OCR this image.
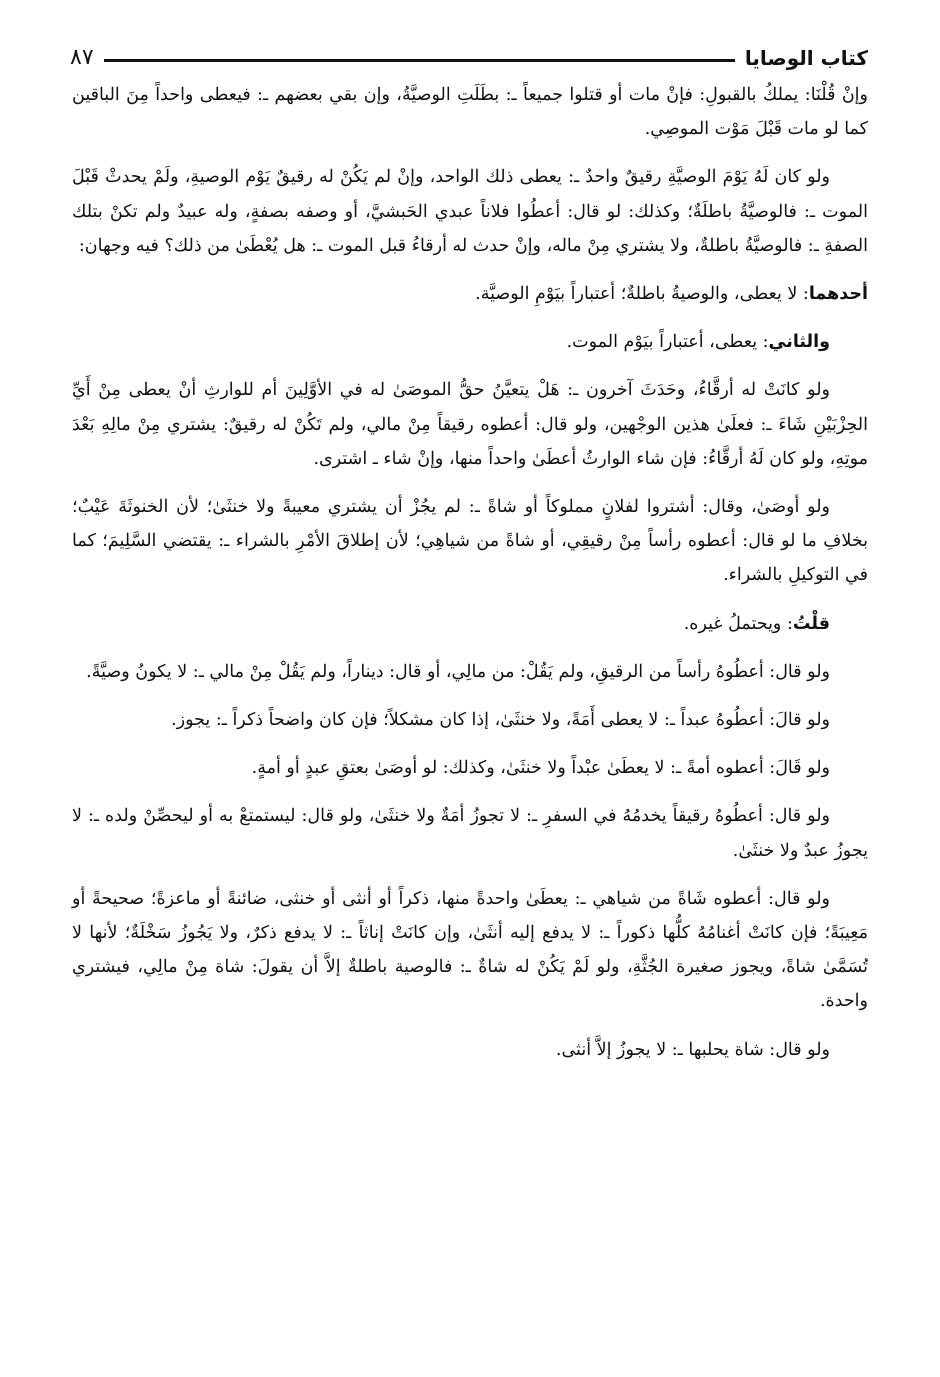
كتاب الوصايا
٨٧

وإنْ قُلْنَا: يملكُ بالقبولِ: فإنْ مات أو قتلوا جميعاً ـ: بطَلَتِ الوصيَّةُ، وإن بقي بعضهم ـ: فيعطى واحداً مِنَ الباقين كما لو مات قَبْلَ مَوْت الموصِي.

ولو كان لَهُ يَوْمَ الوصيَّةِ رقيقٌ واحدٌ ـ: يعطى ذلك الواحد، وإنْ لم يَكُنْ له رقيقٌ يَوْم الوصيةِ، ولَمْ يحدثْ قَبْلَ الموت ـ: فالوصيَّةُ باطلَةٌ؛ وكذلك: لو قال: أعطُوا فلاناً عبدي الحَبشيَّ، أو وصفه بصفةٍ، وله عبيدٌ ولم تكنْ بتلك الصفةِ ـ: فالوصيَّةُ باطلةٌ، ولا يشتري مِنْ ماله، وإنْ حدث له أرقاءُ قبل الموت ـ: هل يُعْطَىٰ من ذلك؟ فيه وجهان:

أحدهما: لا يعطى، والوصيةُ باطلةٌ؛ أعتباراً بيَوْمِ الوصيَّة.

والثاني: يعطى، أعتباراً بيَوْم الموت.

ولو كانَتْ له أرقَّاءُ، وحَدَثَ آخرون ـ: هَلْ يتعيَّنُ حقُّ الموصَىٰ له في الأوَّلِينَ أم للوارثِ أنْ يعطى مِنْ أَيِّ الحِزْبَيْنِ شَاءَ ـ: فعلَىٰ هذين الوجْهين، ولو قال: أعطوه رقيقاً مِنْ مالي، ولم تَكُنْ له رقيقٌ: يشتري مِنْ مالِهِ بَعْدَ موتِهِ، ولو كان لَهُ أرقَّاءُ: فإن شاء الوارثُ أعطَىٰ واحداً منها، وإنْ شاء ـ اشترى.

ولو أوصَىٰ، وقال: أشتروا لفلانٍ مملوكاً أو شاةً ـ: لم يجُزْ أن يشتري معيبةً ولا خنثَىٰ؛ لأن الخنوثَةَ عَيْبٌ؛ بخلافِ ما لو قال: أعطوه رأساً مِنْ رقيقِي، أو شاةً من شياهِي؛ لأن إطلاقَ الأمْرِ بالشراء ـ: يقتضي السَّلِيمَ؛ كما في التوكيلِ بالشراء.

قلْتُ: ويحتملُ غيره.

ولو قال: أعطُوهُ رأساً من الرقيقِ، ولم يَقُلْ: من مالِي، أو قال: ديناراً، ولم يَقُلْ مِنْ مالي ـ: لا يكونُ وصيَّةً.

ولو قالَ: أعطُوهُ عبداً ـ: لا يعطى أَمَةً، ولا خنثَىٰ، إذا كان مشكلاً؛ فإن كان واضحاً ذكراً ـ: يجوز.

ولو قَالَ: أعطوه أمةً ـ: لا يعطَىٰ عبْداً ولا خنثَىٰ، وكذلك: لو أوصَىٰ بعتقِ عبدٍ أو أمةٍ.

ولو قال: أعطُوهُ رقيقاً يخدمُهُ في السفرِ ـ: لا تجوزُ أمَةٌ ولا خنثَىٰ، ولو قال: ليستمتعْ به أو ليحصِّنْ ولده ـ: لا يجوزُ عبدٌ ولا خنثَىٰ.

ولو قال: أعطوه شَاةً من شياهي ـ: يعطَىٰ واحدةً منها، ذكراً أو أنثى أو خنثى، ضائنةً أو ماعزةً؛ صحيحةً أو مَعِيبَةً؛ فإن كانَتْ أغنامُهُ كلُّها ذكوراً ـ: لا يدفع إليه أنثَىٰ، وإن كانَتْ إناثاً ـ: لا يدفع ذكرٌ، ولا يَجُوزُ سَخْلَةٌ؛ لأنها لا تُسَمَّىٰ شاةً، ويجوز صغيرة الجُثَّةِ، ولو لَمْ يَكُنْ له شاةٌ ـ: فالوصية باطلةٌ إلاَّ أن يقولَ: شاة مِنْ مالِي، فيشتري واحدة.

ولو قال: شاة يحلبها ـ: لا يجوزُ إلاَّ أنثى.
